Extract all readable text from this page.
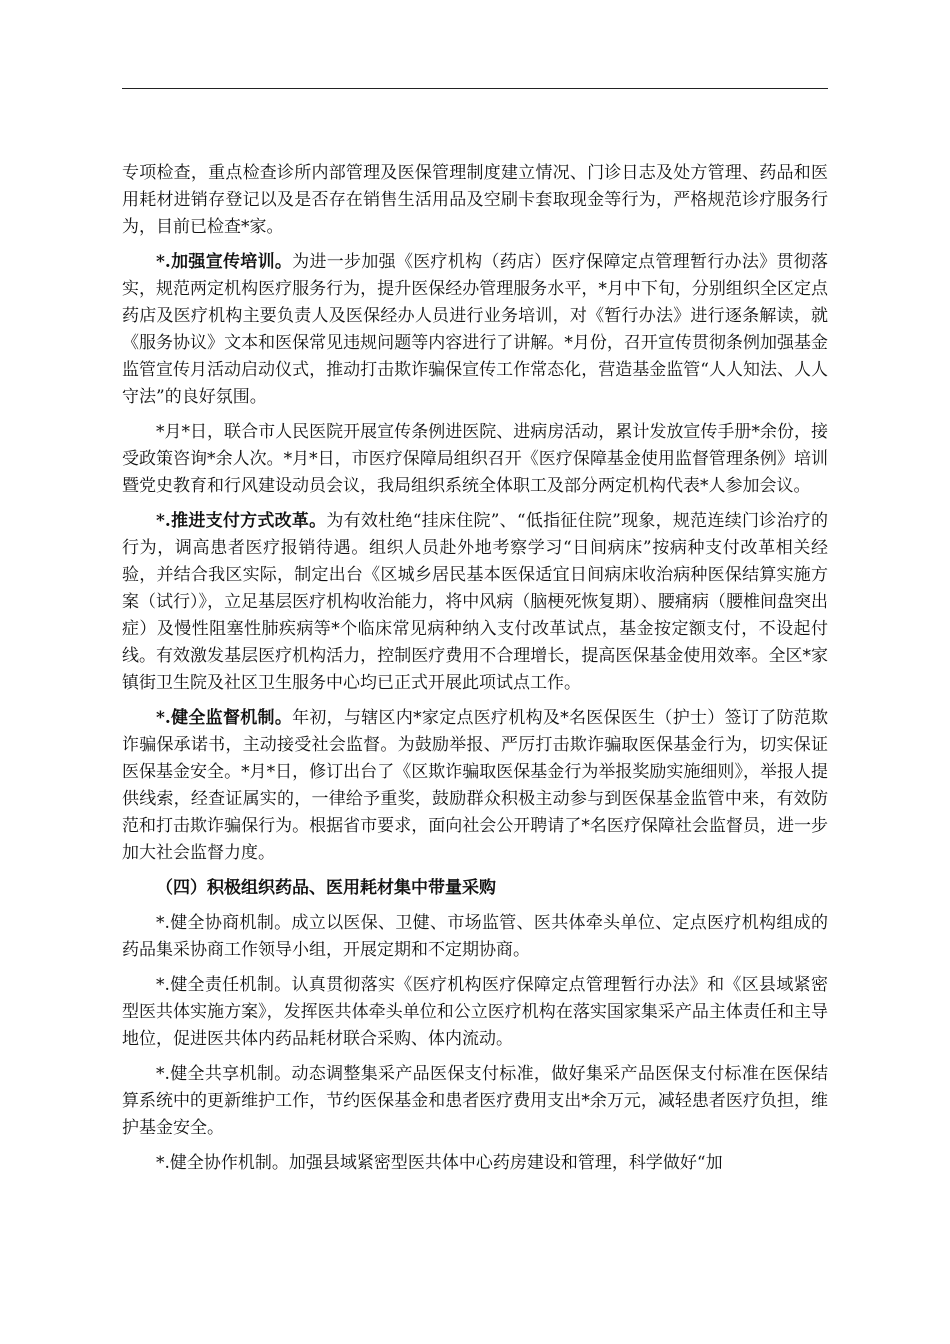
专项检查，重点检查诊所内部管理及医保管理制度建立情况、门诊日志及处方管理、药品和医用耗材进销存登记以及是否存在销售生活用品及空刷卡套取现金等行为，严格规范诊疗服务行为，目前已检查*家。

*.加强宣传培训。为进一步加强《医疗机构（药店）医疗保障定点管理暂行办法》贯彻落实，规范两定机构医疗服务行为，提升医保经办管理服务水平，*月中下旬，分别组织全区定点药店及医疗机构主要负责人及医保经办人员进行业务培训，对《暂行办法》进行逐条解读，就《服务协议》文本和医保常见违规问题等内容进行了讲解。*月份，召开宣传贯彻条例加强基金监管宣传月活动启动仪式，推动打击欺诈骗保宣传工作常态化，营造基金监管“人人知法、人人守法”的良好氛围。

*月*日，联合市人民医院开展宣传条例进医院、进病房活动，累计发放宣传手册*余份，接受政策咨询*余人次。*月*日，市医疗保障局组织召开《医疗保障基金使用监督管理条例》培训暨党史教育和行风建设动员会议，我局组织系统全体职工及部分两定机构代表*人参加会议。

*.推进支付方式改革。为有效杜绝“挂床住院”、“低指征住院”现象，规范连续门诊治疗的行为，调高患者医疗报销待遇。组织人员赴外地考察学习“日间病床”按病种支付改革相关经验，并结合我区实际，制定出台《区城乡居民基本医保适宜日间病床收治病种医保结算实施方案（试行）》，立足基层医疗机构收治能力，将中风病（脑梗死恢复期）、腰痛病（腰椎间盘突出症）及慢性阻塞性肺疾病等*个临床常见病种纳入支付改革试点，基金按定额支付，不设起付线。有效激发基层医疗机构活力，控制医疗费用不合理增长，提高医保基金使用效率。全区*家镇街卫生院及社区卫生服务中心均已正式开展此项试点工作。

*.健全监督机制。年初，与辖区内*家定点医疗机构及*名医保医生（护士）签订了防范欺诈骗保承诺书，主动接受社会监督。为鼓励举报、严厉打击欺诈骗取医保基金行为，切实保证医保基金安全。*月*日，修订出台了《区欺诈骗取医保基金行为举报奖励实施细则》，举报人提供线索，经查证属实的，一律给予重奖，鼓励群众积极主动参与到医保基金监管中来，有效防范和打击欺诈骗保行为。根据省市要求，面向社会公开聘请了*名医疗保障社会监督员，进一步加大社会监督力度。

（四）积极组织药品、医用耗材集中带量采购

*.健全协商机制。成立以医保、卫健、市场监管、医共体牵头单位、定点医疗机构组成的药品集采协商工作领导小组，开展定期和不定期协商。

*.健全责任机制。认真贯彻落实《医疗机构医疗保障定点管理暂行办法》和《区县域紧密型医共体实施方案》，发挥医共体牵头单位和公立医疗机构在落实国家集采产品主体责任和主导地位，促进医共体内药品耗材联合采购、体内流动。

*.健全共享机制。动态调整集采产品医保支付标准，做好集采产品医保支付标准在医保结算系统中的更新维护工作，节约医保基金和患者医疗费用支出*余万元，减轻患者医疗负担，维护基金安全。

*.健全协作机制。加强县域紧密型医共体中心药房建设和管理，科学做好“加
